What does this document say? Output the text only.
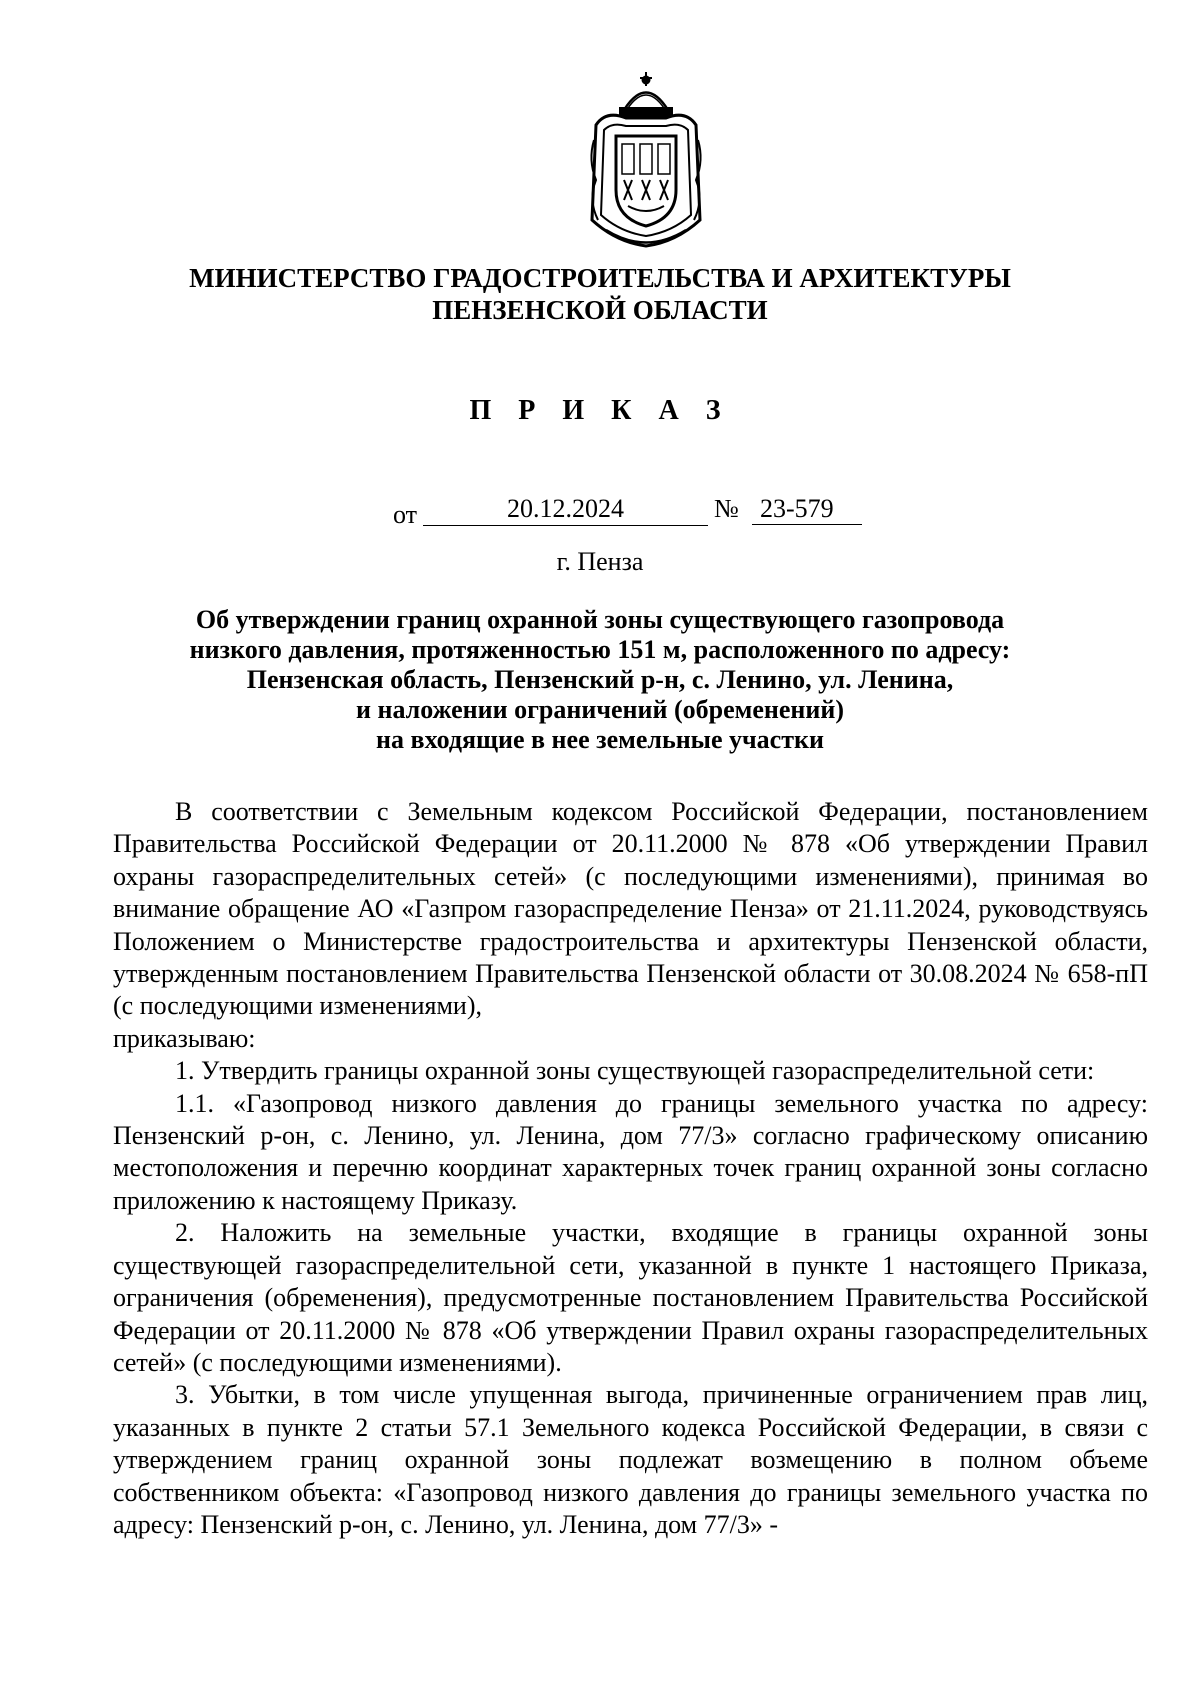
МИНИСТЕРСТВО ГРАДОСТРОИТЕЛЬСТВА И АРХИТЕКТУРЫ
ПЕНЗЕНСКОЙ ОБЛАСТИ
П Р И К А З
от	20.12.2024	№ 23-579
г. Пенза
Об утверждении границ охранной зоны существующего газопровода
низкого давления, протяженностью 151 м, расположенного по адресу:
Пензенская область, Пензенский р-н, с. Ленино, ул. Ленина,
и наложении ограничений (обременений)
на входящие в нее земельные участки

В соответствии с Земельным кодексом Российской Федерации, постановлением Правительства Российской Федерации от 20.11.2000 № 878 «Об утверждении Правил охраны газораспределительных сетей» (с последующими изменениями), принимая во внимание обращение АО «Газпром газораспределение Пенза» от 21.11.2024, руководствуясь Положением о Министерстве градостроительства и архитектуры Пензенской области, утвержденным постановлением Правительства Пензенской области от 30.08.2024 № 658-пП (с последующими изменениями),

приказываю:

1. Утвердить границы охранной зоны существующей газораспределительной сети:

1.1. «Газопровод низкого давления до границы земельного участка по адресу: Пензенский р-он, с. Ленино, ул. Ленина, дом 77/3» согласно графическому описанию местоположения и перечню координат характерных точек границ охранной зоны согласно приложению к настоящему Приказу.

2. Наложить на земельные участки, входящие в границы охранной зоны существующей газораспределительной сети, указанной в пункте 1 настоящего Приказа, ограничения (обременения), предусмотренные постановлением Правительства Российской Федерации от 20.11.2000 № 878 «Об утверждении Правил охраны газораспределительных сетей» (с последующими изменениями).

3. Убытки, в том числе упущенная выгода, причиненные ограничением прав лиц, указанных в пункте 2 статьи 57.1 Земельного кодекса Российской Федерации, в связи с утверждением границ охранной зоны подлежат возмещению в полном объеме собственником объекта: «Газопровод низкого давления до границы земельного участка по адресу: Пензенский р-он, с. Ленино, ул. Ленина, дом 77/3» -
